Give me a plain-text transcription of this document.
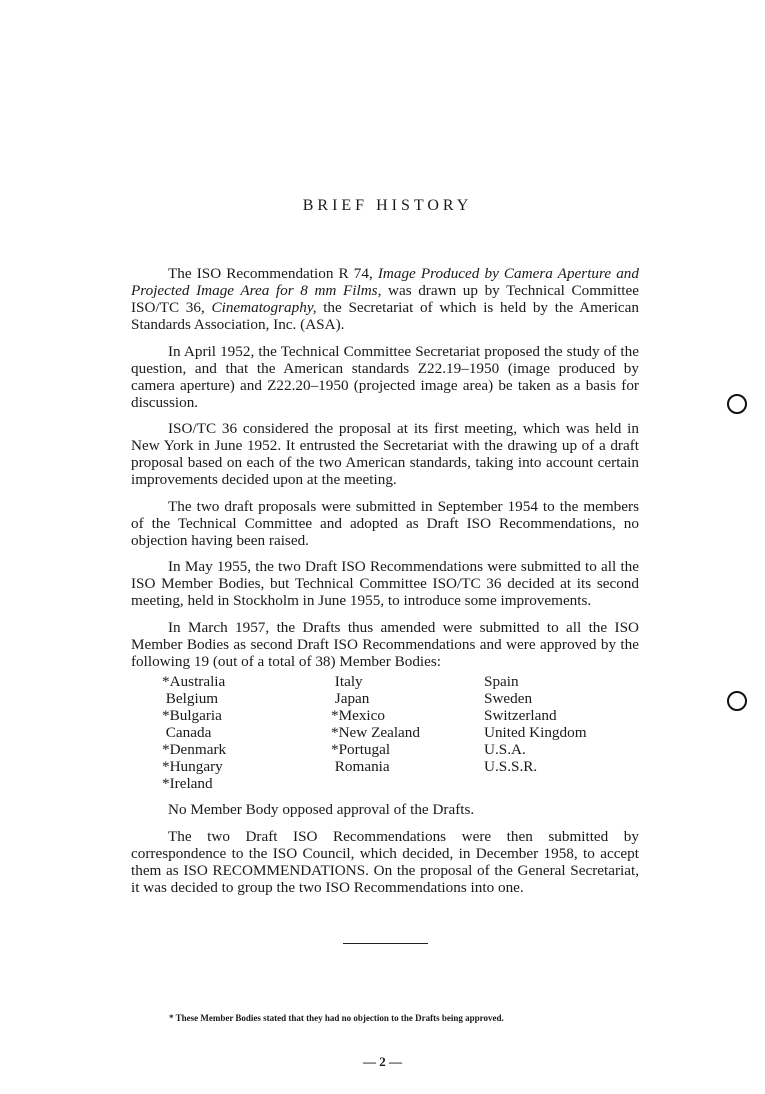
BRIEF HISTORY

The ISO Recommendation R 74, Image Produced by Camera Aperture and Projected Image Area for 8 mm Films, was drawn up by Technical Committee ISO/TC 36, Cinematography, the Secretariat of which is held by the American Standards Association, Inc. (ASA).

In April 1952, the Technical Committee Secretariat proposed the study of the question, and that the American standards Z22.19–1950 (image produced by camera aperture) and Z22.20–1950 (projected image area) be taken as a basis for discussion.

ISO/TC 36 considered the proposal at its first meeting, which was held in New York in June 1952. It entrusted the Secretariat with the drawing up of a draft proposal based on each of the two American standards, taking into account certain improvements decided upon at the meeting.

The two draft proposals were submitted in September 1954 to the members of the Technical Committee and adopted as Draft ISO Recommendations, no objection having been raised.

In May 1955, the two Draft ISO Recommendations were submitted to all the ISO Member Bodies, but Technical Committee ISO/TC 36 decided at its second meeting, held in Stockholm in June 1955, to introduce some improvements.

In March 1957, the Drafts thus amended were submitted to all the ISO Member Bodies as second Draft ISO Recommendations and were approved by the following 19 (out of a total of 38) Member Bodies:

*Australia
Belgium
*Bulgaria
Canada
*Denmark
*Hungary
*Ireland
Italy
Japan
*Mexico
*New Zealand
*Portugal
Romania
Spain
Sweden
Switzerland
United Kingdom
U.S.A.
U.S.S.R.

No Member Body opposed approval of the Drafts.

The two Draft ISO Recommendations were then submitted by correspondence to the ISO Council, which decided, in December 1958, to accept them as ISO RECOMMENDATIONS. On the proposal of the General Secretariat, it was decided to group the two ISO Recommendations into one.

* These Member Bodies stated that they had no objection to the Drafts being approved.
— 2 —
